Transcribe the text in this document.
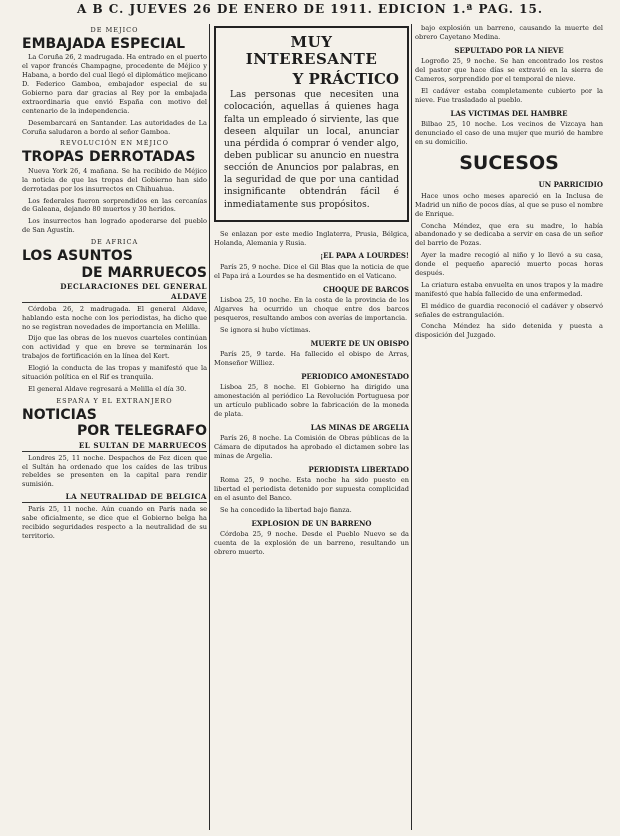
A B C. JUEVES 26 DE ENERO DE 1911. EDICION 1.ª PAG. 15.
DE MEJICO
EMBAJADA ESPECIAL

La Coruña 26, 2 madrugada. Ha entrado en el puerto el vapor francés Champagne, procedente de Méjico y Habana, a bordo del cual llegó el diplomático mejicano D. Federico Gamboa, embajador especial de su Gobierno para dar gracias al Rey por la embajada extraordinaria que envió España con motivo del centenario de la independencia.

Desembarcará en Santander. Las autoridades de La Coruña saludaron a bordo al señor Gamboa.

REVOLUCIÓN EN MÉJICO
TROPAS DERROTADAS

Nueva York 26, 4 mañana. Se ha recibido de Méjico la noticia de que las tropas del Gobierno han sido derrotadas por los insurrectos en Chihuahua.

Los federales fueron sorprendidos en las cercanías de Galeana, dejando 80 muertos y 30 heridos.

Los insurrectos han logrado apoderarse del pueblo de San Agustín.

DE AFRICA
LOS ASUNTOS
DE MARRUECOS
DECLARACIONES DEL GENERAL ALDAVE

Córdoba 26, 2 madrugada. El general Aldave, hablando esta noche con los periodistas, ha dicho que no se registran novedades de importancia en Melilla.

Dijo que las obras de los nuevos cuarteles continúan con actividad y que en breve se terminarán los trabajos de fortificación en la línea del Kert.

Elogió la conducta de las tropas y manifestó que la situación política en el Rif es tranquila.

El general Aldave regresará a Melilla el día 30.

ESPAÑA Y EL EXTRANJERO
NOTICIAS
POR TELEGRAFO
EL SULTAN DE MARRUECOS

Londres 25, 11 noche. Despachos de Fez dicen que el Sultán ha ordenado que los caídes de las tribus rebeldes se presenten en la capital para rendir sumisión.

LA NEUTRALIDAD DE BELGICA

París 25, 11 noche. Aún cuando en París nada se sabe oficialmente, se dice que el Gobierno belga ha recibido seguridades respecto a la neutralidad de su territorio.

MUY INTERESANTE
Y PRÁCTICO

Las personas que necesiten una colocación, aquellas á quienes haga falta un empleado ó sirviente, las que deseen alquilar un local, anunciar una pérdida ó comprar ó vender algo, deben publicar su anuncio en nuestra sección de Anuncios por palabras, en la seguridad de que por una cantidad insignificante obtendrán fácil é inmediatamente sus propósitos.

Se enlazan por este medio Inglaterra, Prusia, Bélgica, Holanda, Alemania y Rusia.

¡EL PAPA A LOURDES!

París 25, 9 noche. Dice el Gil Blas que la noticia de que el Papa irá a Lourdes se ha desmentido en el Vaticano.

CHOQUE DE BARCOS

Lisboa 25, 10 noche. En la costa de la provincia de los Algarves ha ocurrido un choque entre dos barcos pesqueros, resultando ambos con averías de importancia.

Se ignora si hubo víctimas.

MUERTE DE UN OBISPO

París 25, 9 tarde. Ha fallecido el obispo de Arras, Monseñor Williez.

PERIODICO AMONESTADO

Lisboa 25, 8 noche. El Gobierno ha dirigido una amonestación al periódico La Revolución Portuguesa por un artículo publicado sobre la fabricación de la moneda de plata.

LAS MINAS DE ARGELIA

París 26, 8 noche. La Comisión de Obras públicas de la Cámara de diputados ha aprobado el dictamen sobre las minas de Argelia.

PERIODISTA LIBERTADO

Roma 25, 9 noche. Esta noche ha sido puesto en libertad el periodista detenido por supuesta complicidad en el asunto del Banco.

Se ha concedido la libertad bajo fianza.

EXPLOSION DE UN BARRENO

Córdoba 25, 9 noche. Desde el Pueblo Nuevo se da cuenta de la explosión de un barreno, resultando un obrero muerto.

bajo explosión un barreno, causando la muerte del obrero Cayetano Medina.

SEPULTADO POR LA NIEVE

Logroño 25, 9 noche. Se han encontrado los restos del pastor que hace días se extravió en la sierra de Cameros, sorprendido por el temporal de nieve.

El cadáver estaba completamente cubierto por la nieve. Fue trasladado al pueblo.

LAS VICTIMAS DEL HAMBRE

Bilbao 25, 10 noche. Los vecinos de Vizcaya han denunciado el caso de una mujer que murió de hambre en su domicilio.

SUCESOS
UN PARRICIDIO

Hace unos ocho meses apareció en la Inclusa de Madrid un niño de pocos días, al que se puso el nombre de Enrique.

Concha Méndez, que era su madre, lo había abandonado y se dedicaba a servir en casa de un señor del barrio de Pozas.

Ayer la madre recogió al niño y lo llevó a su casa, donde el pequeño apareció muerto pocas horas después.

La criatura estaba envuelta en unos trapos y la madre manifestó que había fallecido de una enfermedad.

El médico de guardia reconoció el cadáver y observó señales de estrangulación.

Concha Méndez ha sido detenida y puesta a disposición del Juzgado.
